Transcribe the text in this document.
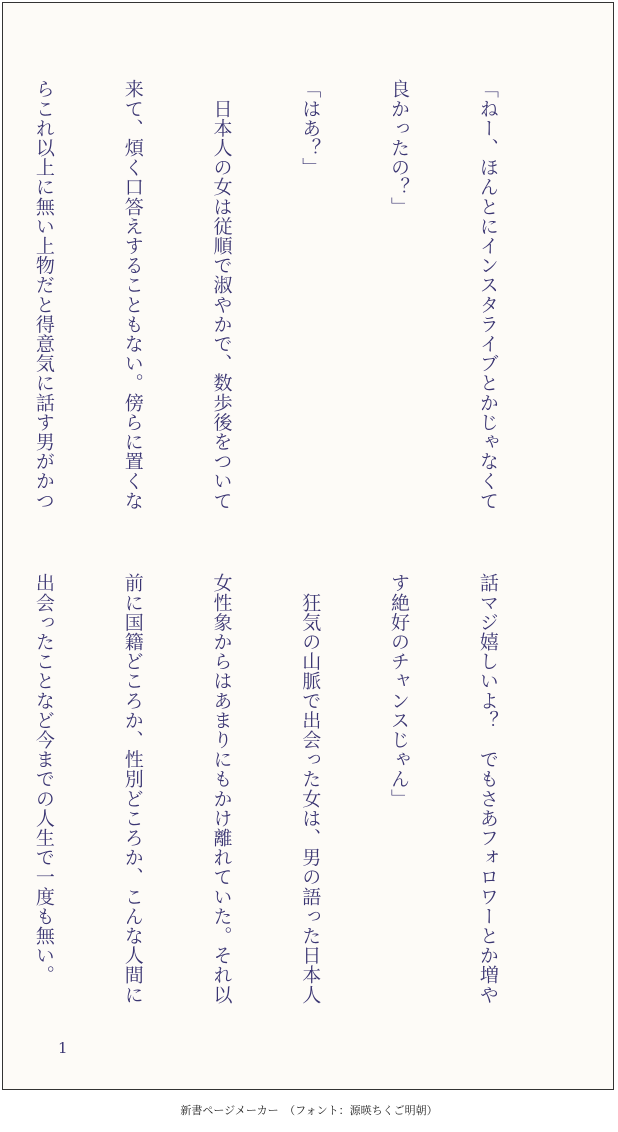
「ねー、ほんとにインスタライブとかじゃなくて

良かったの？」

「はあ？」

　日本人の女は従順で淑やかで、数歩後をついて

来て、煩く口答えすることもない。傍らに置くな

らこれ以上に無い上物だと得意気に話す男がかつ

話マジ嬉しいよ？　でもさあフォロワーとか増や

す絶好のチャンスじゃん」

　狂気の山脈で出会った女は、男の語った日本人

女性象からはあまりにもかけ離れていた。それ以

前に国籍どころか、性別どころか、こんな人間に

出会ったことなど今までの人生で一度も無い。

1
新書ページメーカー　（フォント：源暎ちくご明朝）
